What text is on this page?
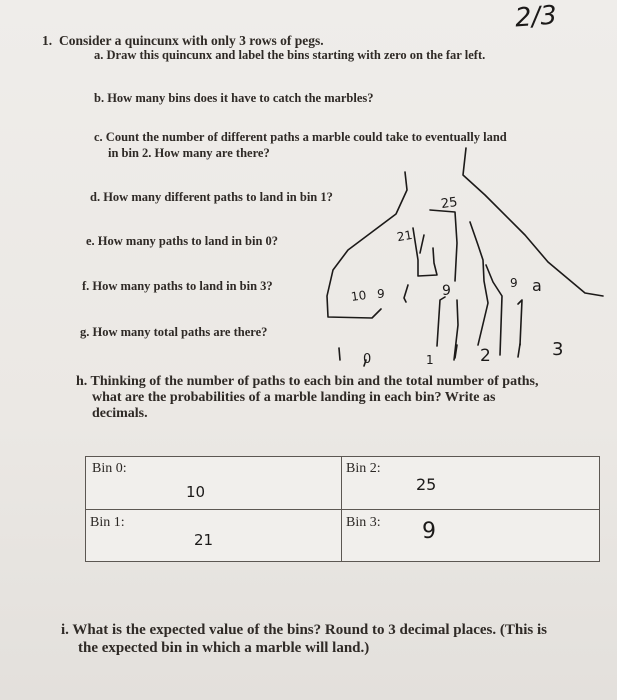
2/3
1. Consider a quincunx with only 3 rows of pegs.
a. Draw this quincunx and label the bins starting with zero on the far left.
b. How many bins does it have to catch the marbles?
c. Count the number of different paths a marble could take to eventually land
in bin 2. How many are there?
d. How many different paths to land in bin 1?
e. How many paths to land in bin 0?
f. How many paths to land in bin 3?
g. How many total paths are there?
h. Thinking of the number of paths to each bin and the total number of paths,
what are the probabilities of a marble landing in each bin? Write as
decimals.
i. What is the expected value of the bins? Round to 3 decimal places. (This is
the expected bin in which a marble will land.)
25
21
10 9	9	9 a
0	1	2	3
Bin 0:
10
Bin 2:
25
Bin 1:
21
Bin 3: 9
